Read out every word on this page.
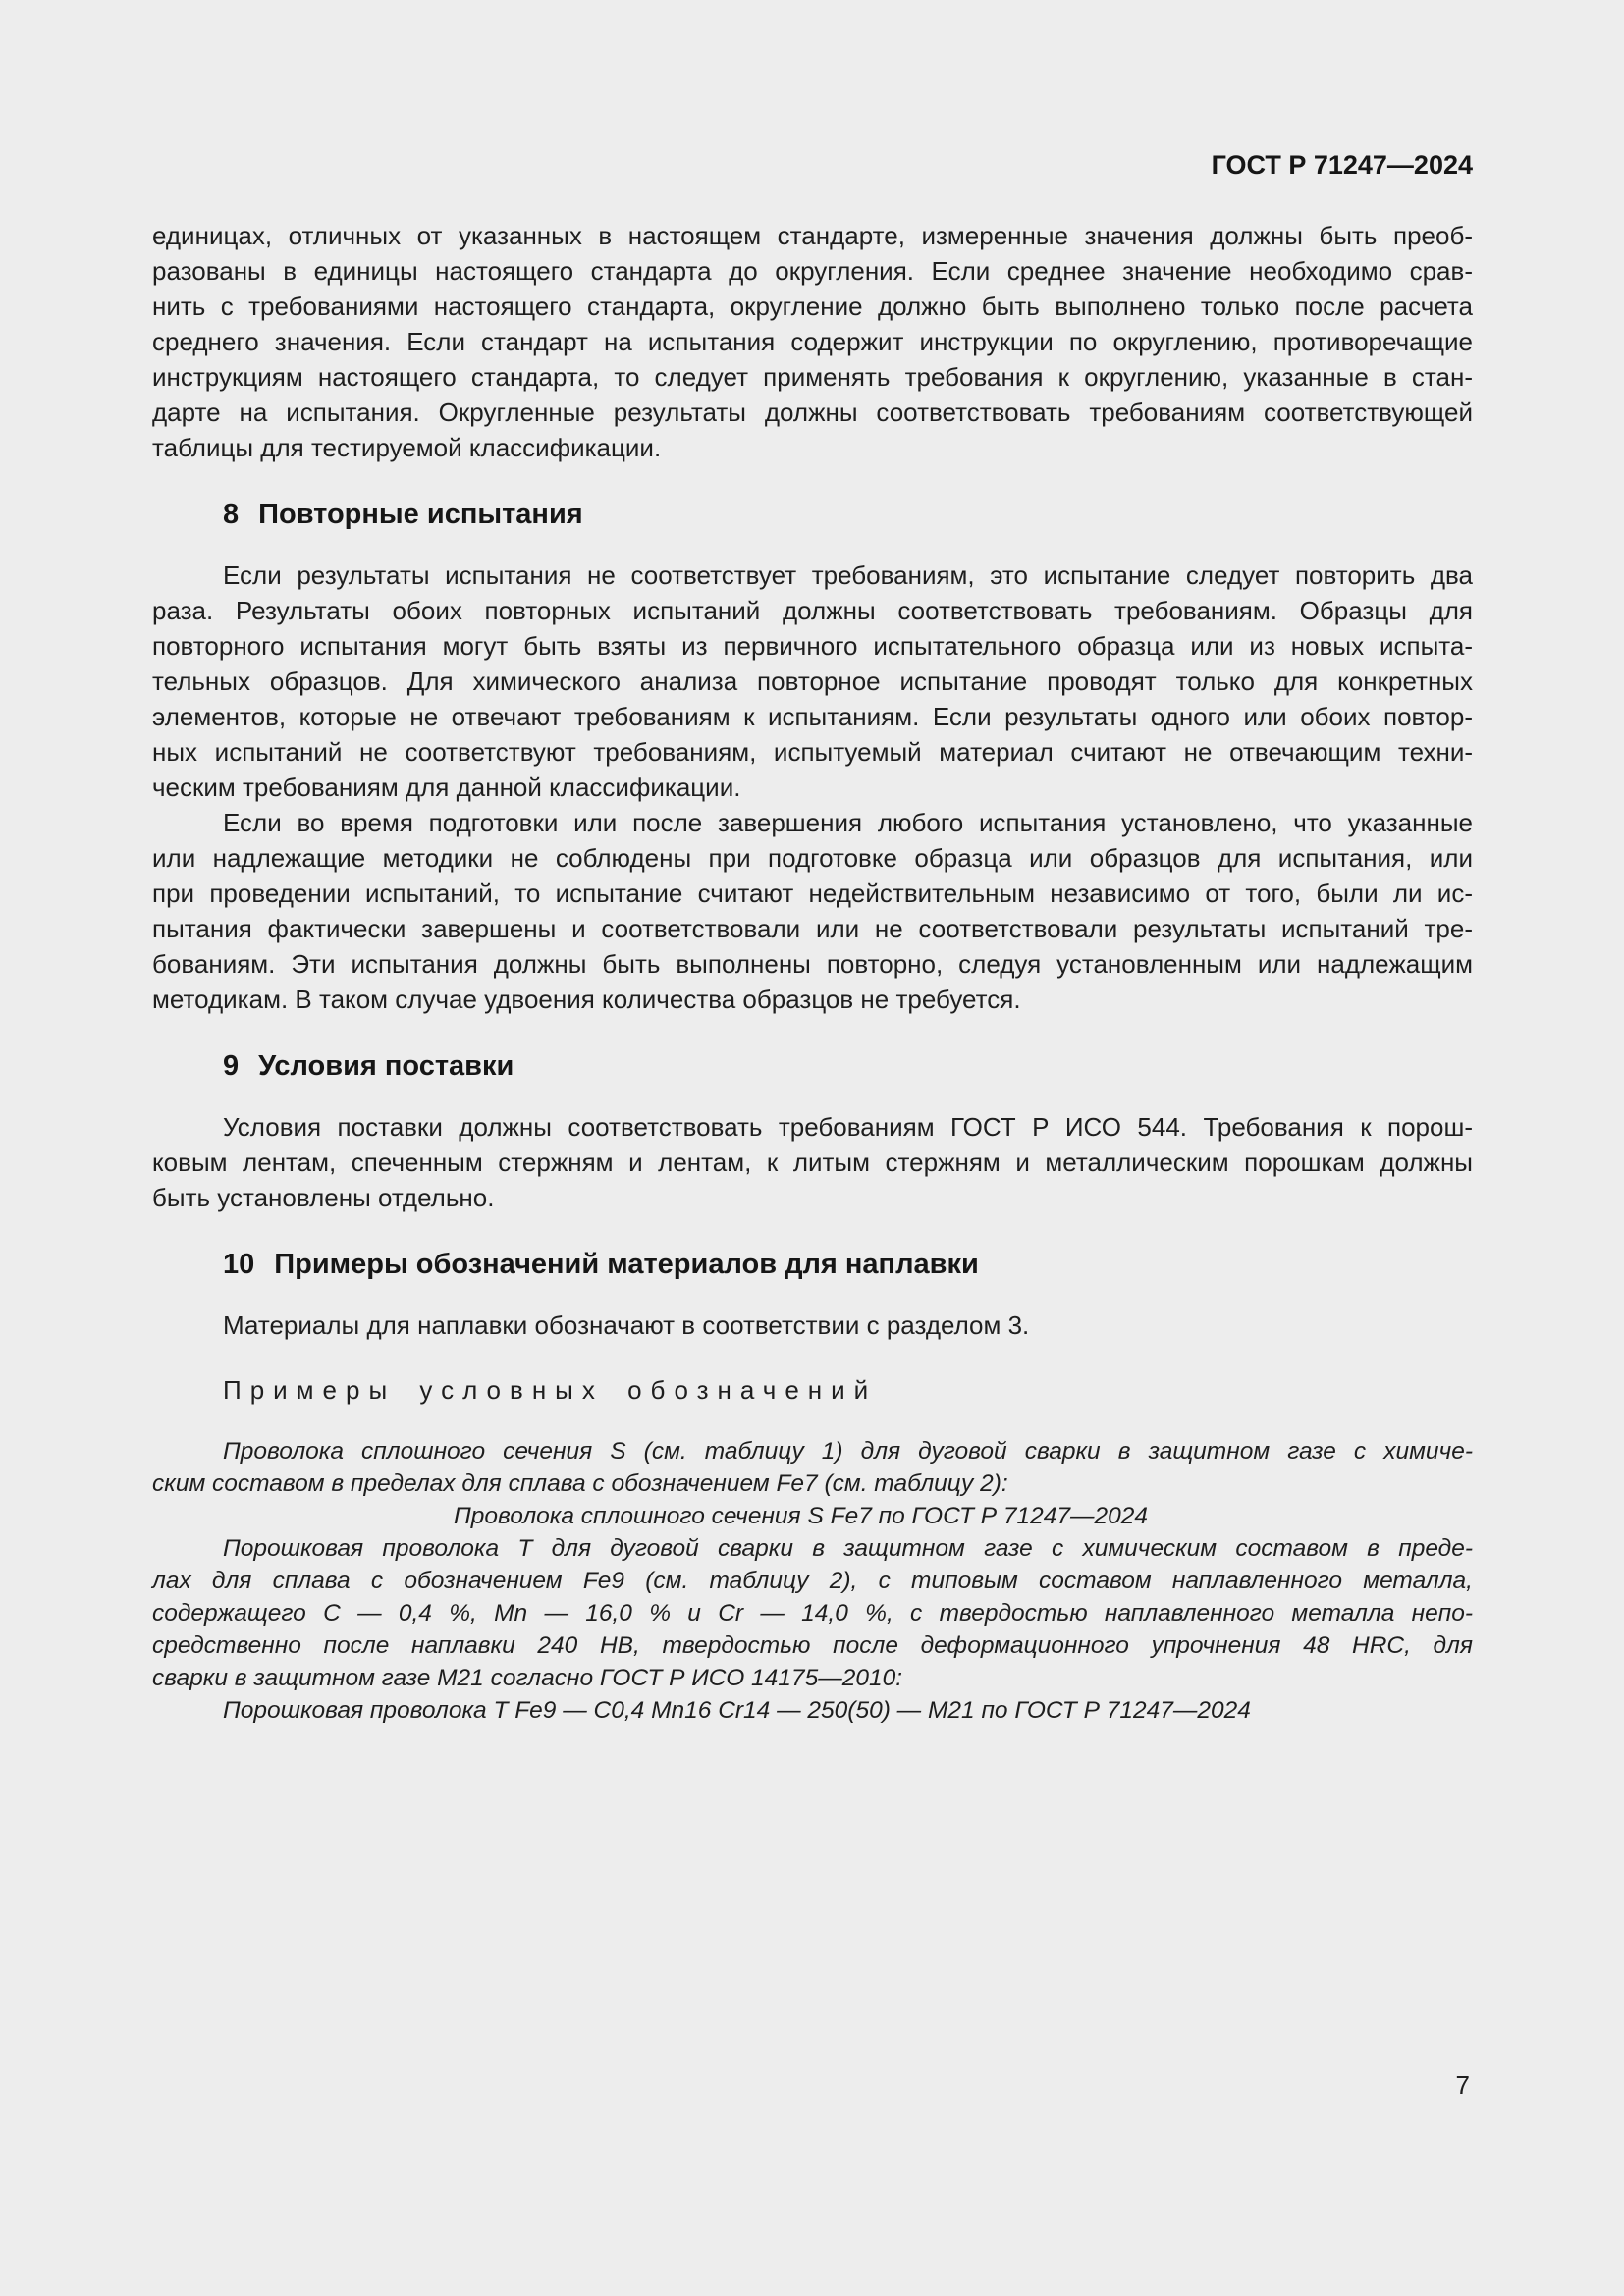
ГОСТ Р 71247—2024
единицах, отличных от указанных в настоящем стандарте, измеренные значения должны быть преоб-
разованы в единицы настоящего стандарта до округления. Если среднее значение необходимо срав-
нить с требованиями настоящего стандарта, округление должно быть выполнено только после расчета
среднего значения. Если стандарт на испытания содержит инструкции по округлению, противоречащие
инструкциям настоящего стандарта, то следует применять требования к округлению, указанные в стан-
дарте на испытания. Округленные результаты должны соответствовать требованиям соответствующей
таблицы для тестируемой классификации.
8 Повторные испытания
Если результаты испытания не соответствует требованиям, это испытание следует повторить два
раза. Результаты обоих повторных испытаний должны соответствовать требованиям. Образцы для
повторного испытания могут быть взяты из первичного испытательного образца или из новых испыта-
тельных образцов. Для химического анализа повторное испытание проводят только для конкретных
элементов, которые не отвечают требованиям к испытаниям. Если результаты одного или обоих повтор-
ных испытаний не соответствуют требованиям, испытуемый материал считают не отвечающим техни-
ческим требованиям для данной классификации.
Если во время подготовки или после завершения любого испытания установлено, что указанные
или надлежащие методики не соблюдены при подготовке образца или образцов для испытания, или
при проведении испытаний, то испытание считают недействительным независимо от того, были ли ис-
пытания фактически завершены и соответствовали или не соответствовали результаты испытаний тре-
бованиям. Эти испытания должны быть выполнены повторно, следуя установленным или надлежащим
методикам. В таком случае удвоения количества образцов не требуется.
9 Условия поставки
Условия поставки должны соответствовать требованиям ГОСТ Р ИСО 544. Требования к порош-
ковым лентам, спеченным стержням и лентам, к литым стержням и металлическим порошкам должны
быть установлены отдельно.
10 Примеры обозначений материалов для наплавки
Материалы для наплавки обозначают в соответствии с разделом 3.
Примеры условных обозначений
Проволока сплошного сечения S (см. таблицу 1) для дуговой сварки в защитном газе с химиче-
ским составом в пределах для сплава с обозначением Fe7 (см. таблицу 2):
Проволока сплошного сечения S Fe7 по ГОСТ Р 71247—2024
Порошковая проволока Т для дуговой сварки в защитном газе с химическим составом в преде-
лах для сплава с обозначением Fe9 (см. таблицу 2), с типовым составом наплавленного металла,
содержащего C — 0,4 %, Mn — 16,0 % и Cr — 14,0 %, с твердостью наплавленного металла непо-
средственно после наплавки 240 НВ, твердостью после деформационного упрочнения 48 HRC, для
сварки в защитном газе М21 согласно ГОСТ Р ИСО 14175—2010:
Порошковая проволока Т Fe9 — C0,4 Mn16 Cr14 — 250(50) — М21 по ГОСТ Р 71247—2024
7
